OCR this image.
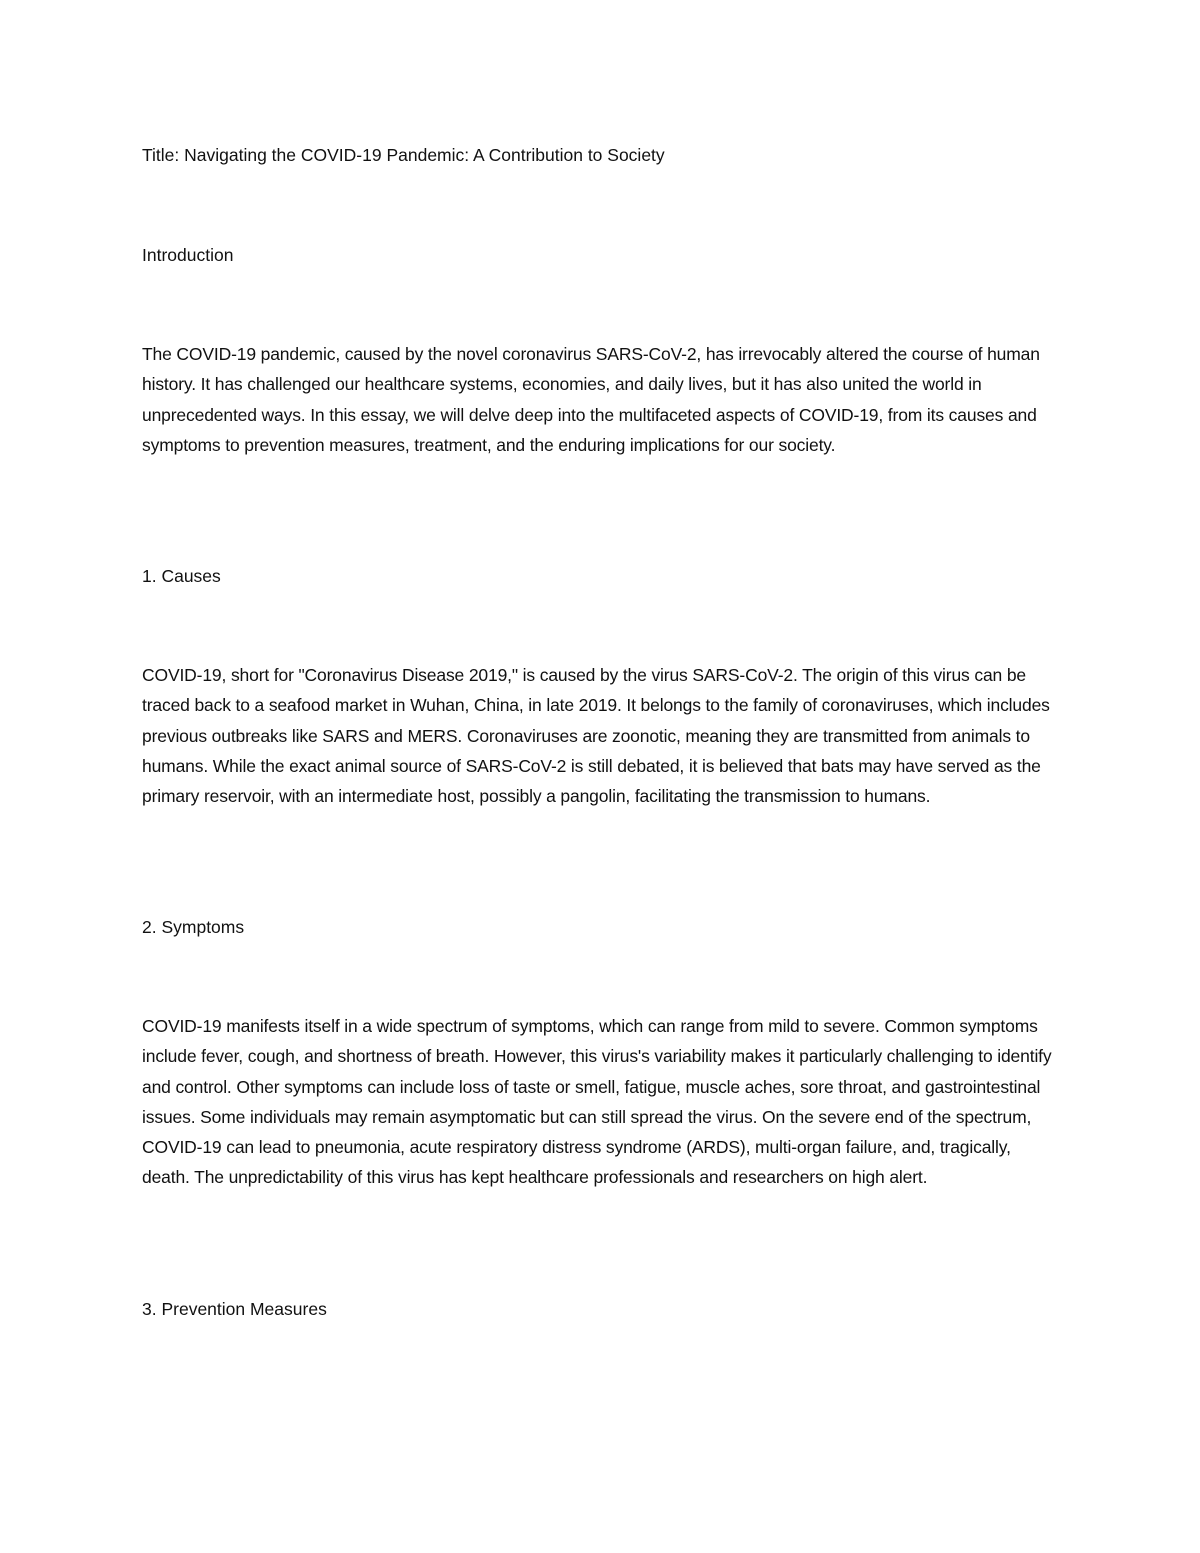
Title: Navigating the COVID-19 Pandemic: A Contribution to Society

Introduction

The COVID-19 pandemic, caused by the novel coronavirus SARS-CoV-2, has irrevocably altered the course of human history. It has challenged our healthcare systems, economies, and daily lives, but it has also united the world in unprecedented ways. In this essay, we will delve deep into the multifaceted aspects of COVID-19, from its causes and symptoms to prevention measures, treatment, and the enduring implications for our society.

1. Causes

COVID-19, short for "Coronavirus Disease 2019," is caused by the virus SARS-CoV-2. The origin of this virus can be traced back to a seafood market in Wuhan, China, in late 2019. It belongs to the family of coronaviruses, which includes previous outbreaks like SARS and MERS. Coronaviruses are zoonotic, meaning they are transmitted from animals to humans. While the exact animal source of SARS-CoV-2 is still debated, it is believed that bats may have served as the primary reservoir, with an intermediate host, possibly a pangolin, facilitating the transmission to humans.

2. Symptoms

COVID-19 manifests itself in a wide spectrum of symptoms, which can range from mild to severe. Common symptoms include fever, cough, and shortness of breath. However, this virus's variability makes it particularly challenging to identify and control. Other symptoms can include loss of taste or smell, fatigue, muscle aches, sore throat, and gastrointestinal issues. Some individuals may remain asymptomatic but can still spread the virus. On the severe end of the spectrum, COVID-19 can lead to pneumonia, acute respiratory distress syndrome (ARDS), multi-organ failure, and, tragically, death. The unpredictability of this virus has kept healthcare professionals and researchers on high alert.

3. Prevention Measures
